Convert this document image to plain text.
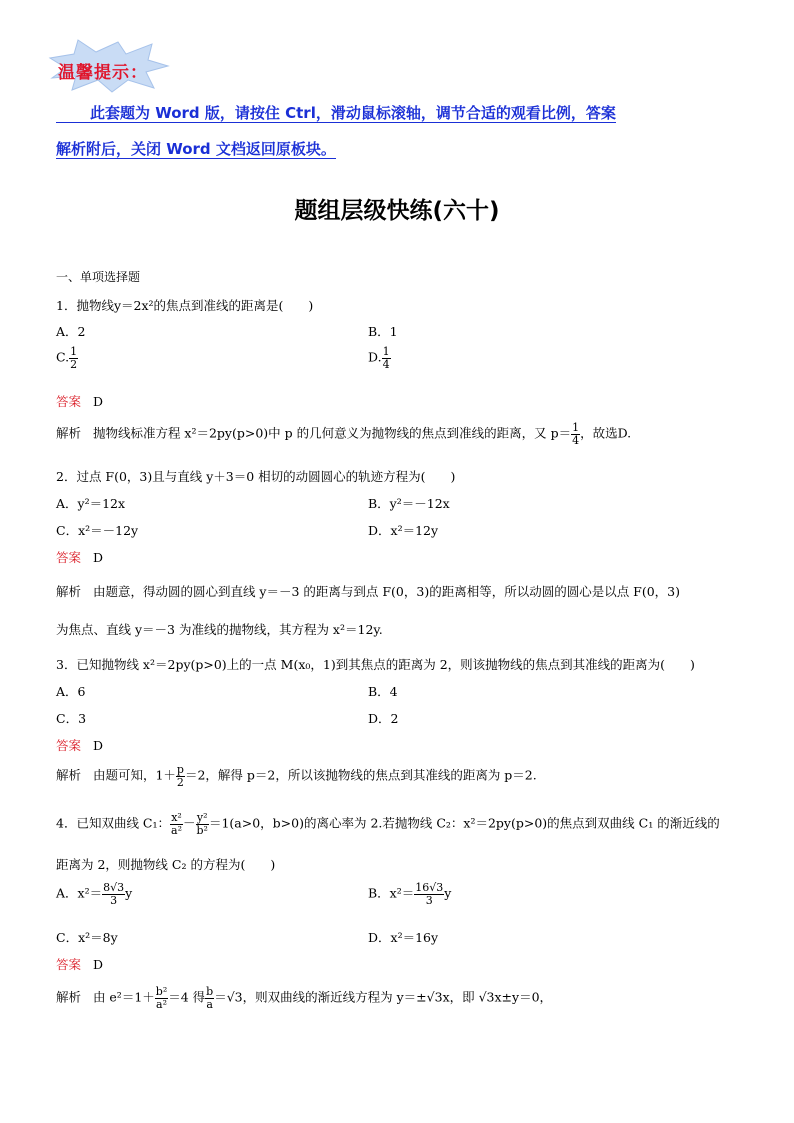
温馨提示：
此套题为 Word 版，请按住 Ctrl，滑动鼠标滚轴，调节合适的观看比例，答案
解析附后，关闭 Word 文档返回原板块。
题组层级快练(六十)
一、单项选择题
1．抛物线y＝2x²的焦点到准线的距离是(　　)
A．2	B．1
C. $\frac{1}{2}$	D. $\frac{1}{4}$
答案 D
解析 抛物线标准方程 x²＝2py(p>0)中 p 的几何意义为抛物线的焦点到准线的距离，又 $p= \frac{1}{4}$ ，故选D.
2．过点 F(0，3)且与直线 y＋3＝0 相切的动圆圆心的轨迹方程为(　　)
A．y²＝12x	B．y²＝－12x
C．x²＝－12y	D．x²＝12y
答案 D
解析 由题意，得动圆的圆心到直线 y＝－3 的距离与到点 F(0，3)的距离相等，所以动圆的圆心是以点 F(0，3)
为焦点、直线 y＝－3 为准线的抛物线，其方程为 x²＝12y.
3．已知抛物线 x²＝2py(p>0)上的一点 M(x₀，1)到其焦点的距离为 2，则该抛物线的焦点到其准线的距离为(　　)
A．6	B．4
C．3	D．2
答案 D
解析 由题可知，$1+ \frac{p}{2} =2$，解得 p＝2，所以该抛物线的焦点到其准线的距离为 p＝2.
4．已知双曲线 C₁： $\frac{\text{x²}}{\text{a²}} - \frac{\text{y²}}{\text{b²}} =1(a>0$，b>0)的离心率为 2.若抛物线 C₂：x²＝2py(p>0)的焦点到双曲线 C₁ 的渐近线的
距离为 2，则抛物线 C₂ 的方程为(　　)
A．$x^2= \frac{8√3}{3}$ y	B．$x^2= \frac{16√3}{3}$ y
C．x²＝8y	D．x²＝16y
答案 D
解析 由 $e^2=1+ \frac{\text{b²}}{\text{a²}} =4$ 得 $\frac{b}{a} =√3$，则双曲线的渐近线方程为 y＝±√3x，即 √3x±y＝0，
